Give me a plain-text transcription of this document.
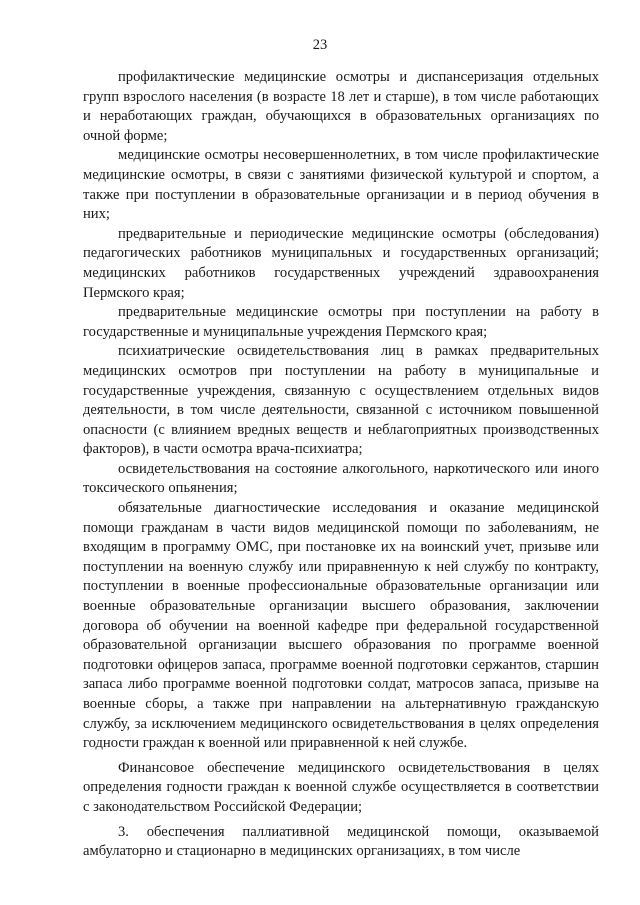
23

профилактические медицинские осмотры и диспансеризация отдельных групп взрослого населения (в возрасте 18 лет и старше), в том числе работающих и неработающих граждан, обучающихся в образовательных организациях по очной форме;

медицинские осмотры несовершеннолетних, в том числе профилактические медицинские осмотры, в связи с занятиями физической культурой и спортом, а также при поступлении в образовательные организации и в период обучения в них;

предварительные и периодические медицинские осмотры (обследования) педагогических работников муниципальных и государственных организаций; медицинских работников государственных учреждений здравоохранения Пермского края;

предварительные медицинские осмотры при поступлении на работу в государственные и муниципальные учреждения Пермского края;

психиатрические освидетельствования лиц в рамках предварительных медицинских осмотров при поступлении на работу в муниципальные и государственные учреждения, связанную с осуществлением отдельных видов деятельности, в том числе деятельности, связанной с источником повышенной опасности (с влиянием вредных веществ и неблагоприятных производственных факторов), в части осмотра врача-психиатра;

освидетельствования на состояние алкогольного, наркотического или иного токсического опьянения;

обязательные диагностические исследования и оказание медицинской помощи гражданам в части видов медицинской помощи по заболеваниям, не входящим в программу ОМС, при постановке их на воинский учет, призыве или поступлении на военную службу или приравненную к ней службу по контракту, поступлении в военные профессиональные образовательные организации или военные образовательные организации высшего образования, заключении договора об обучении на военной кафедре при федеральной государственной образовательной организации высшего образования по программе военной подготовки офицеров запаса, программе военной подготовки сержантов, старшин запаса либо программе военной подготовки солдат, матросов запаса, призыве на военные сборы, а также при направлении на альтернативную гражданскую службу, за исключением медицинского освидетельствования в целях определения годности граждан к военной или приравненной к ней службе.

Финансовое обеспечение медицинского освидетельствования в целях определения годности граждан к военной службе осуществляется в соответствии с законодательством Российской Федерации;

3. обеспечения паллиативной медицинской помощи, оказываемой амбулаторно и стационарно в медицинских организациях, в том числе
